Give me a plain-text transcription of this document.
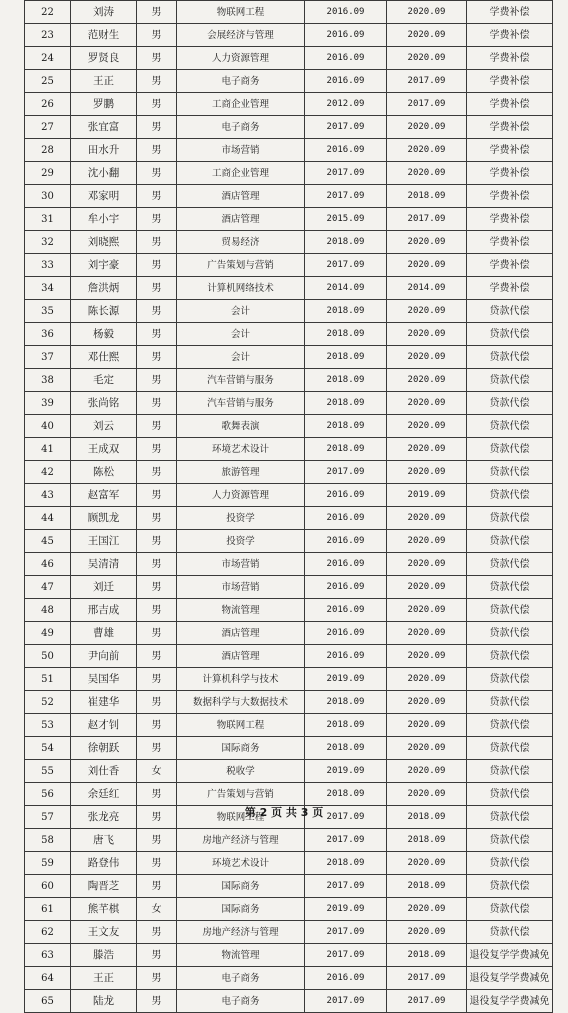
22	刘涛	男	物联网工程	2016.09	2020.09	学费补偿
23	范财生	男	会展经济与管理	2016.09	2020.09	学费补偿
24	罗贤良	男	人力资源管理	2016.09	2020.09	学费补偿
25	王正	男	电子商务	2016.09	2017.09	学费补偿
26	罗鹏	男	工商企业管理	2012.09	2017.09	学费补偿
27	张宜富	男	电子商务	2017.09	2020.09	学费补偿
28	田水升	男	市场营销	2016.09	2020.09	学费补偿
29	沈小翻	男	工商企业管理	2017.09	2020.09	学费补偿
30	邓家明	男	酒店管理	2017.09	2018.09	学费补偿
31	牟小宇	男	酒店管理	2015.09	2017.09	学费补偿
32	刘晓熙	男	贸易经济	2018.09	2020.09	学费补偿
33	刘宇豪	男	广告策划与营销	2017.09	2020.09	学费补偿
34	詹洪炳	男	计算机网络技术	2014.09	2014.09	学费补偿
35	陈长源	男	会计	2018.09	2020.09	贷款代偿
36	杨毅	男	会计	2018.09	2020.09	贷款代偿
37	邓仕熙	男	会计	2018.09	2020.09	贷款代偿
38	毛定	男	汽车营销与服务	2018.09	2020.09	贷款代偿
39	张尚铭	男	汽车营销与服务	2018.09	2020.09	贷款代偿
40	刘云	男	歌舞表演	2018.09	2020.09	贷款代偿
41	王成双	男	环境艺术设计	2018.09	2020.09	贷款代偿
42	陈松	男	旅游管理	2017.09	2020.09	贷款代偿
43	赵富军	男	人力资源管理	2016.09	2019.09	贷款代偿
44	顾凯龙	男	投资学	2016.09	2020.09	贷款代偿
45	王国江	男	投资学	2016.09	2020.09	贷款代偿
46	吴清清	男	市场营销	2016.09	2020.09	贷款代偿
47	刘迁	男	市场营销	2016.09	2020.09	贷款代偿
48	邢吉成	男	物流管理	2016.09	2020.09	贷款代偿
49	曹雄	男	酒店管理	2016.09	2020.09	贷款代偿
50	尹向前	男	酒店管理	2016.09	2020.09	贷款代偿
51	吴国华	男	计算机科学与技术	2019.09	2020.09	贷款代偿
52	崔建华	男	数据科学与大数据技术	2018.09	2020.09	贷款代偿
53	赵才钊	男	物联网工程	2018.09	2020.09	贷款代偿
54	徐朝跃	男	国际商务	2018.09	2020.09	贷款代偿
55	刘仕香	女	税收学	2019.09	2020.09	贷款代偿
56	余廷红	男	广告策划与营销	2018.09	2020.09	贷款代偿
57	张龙亮	男	物联网工程	2017.09	2018.09	贷款代偿
58	唐飞	男	房地产经济与管理	2017.09	2018.09	贷款代偿
59	路登伟	男	环境艺术设计	2018.09	2020.09	贷款代偿
60	陶晋芝	男	国际商务	2017.09	2018.09	贷款代偿
61	熊芊棋	女	国际商务	2019.09	2020.09	贷款代偿
62	王文友	男	房地产经济与管理	2017.09	2020.09	贷款代偿
63	滕浩	男	物流管理	2017.09	2018.09	退役复学学费减免
64	王正	男	电子商务	2016.09	2017.09	退役复学学费减免
65	陆龙	男	电子商务	2017.09	2017.09	退役复学学费减免
第 2 页 共 3 页
